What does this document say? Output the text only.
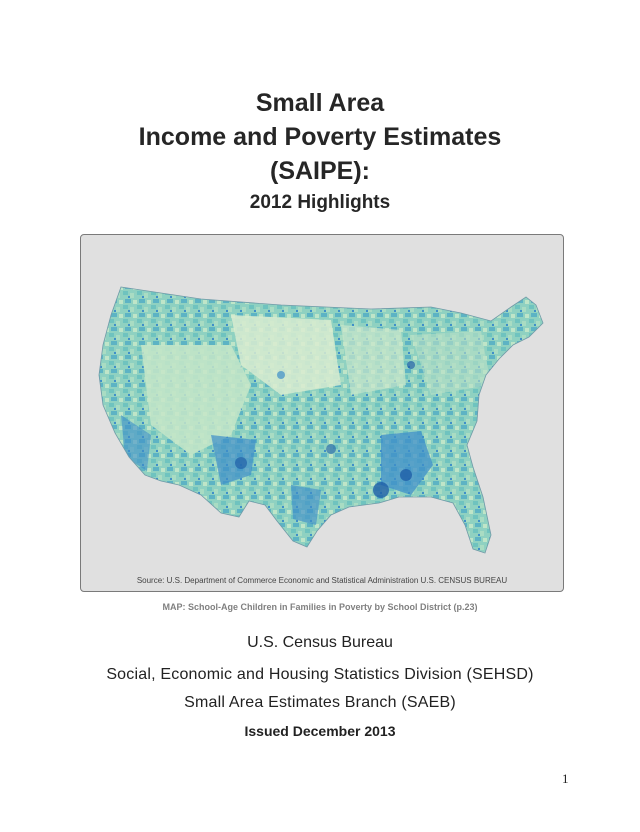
Small Area
Income and Poverty Estimates
(SAIPE):
2012 Highlights
Source: U.S. Department of Commerce Economic and Statistical Administration U.S. CENSUS BUREAU
MAP: School-Age Children in Families in Poverty by School District (p.23)
U.S. Census Bureau
Social, Economic and Housing Statistics Division (SEHSD)
Small Area Estimates Branch (SAEB)
Issued December 2013
1
